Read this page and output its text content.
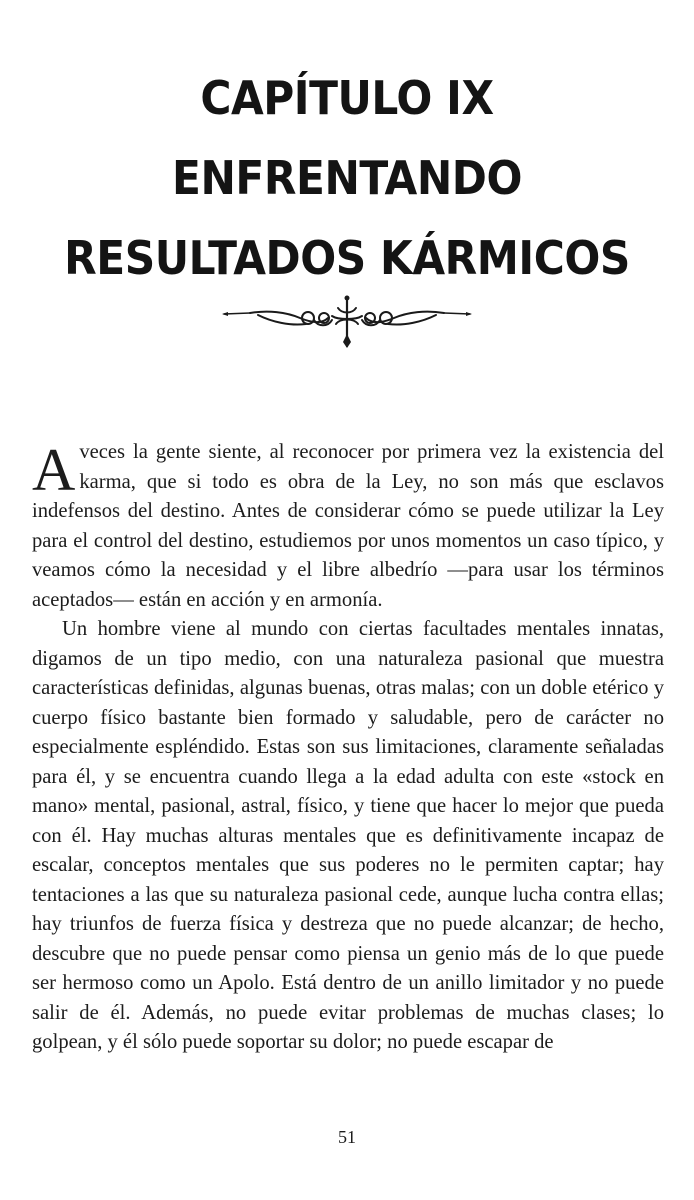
CAPÍTULO IX
ENFRENTANDO
RESULTADOS KÁRMICOS

Aveces la gente siente, al reconocer por primera vez la existencia del karma, que si todo es obra de la Ley, no son más que esclavos indefensos del destino. Antes de considerar cómo se puede utilizar la Ley para el control del destino, estudiemos por unos momentos un caso típico, y veamos cómo la necesidad y el libre albedrío —para usar los términos aceptados— están en acción y en armonía.

Un hombre viene al mundo con ciertas facultades mentales innatas, digamos de un tipo medio, con una naturaleza pasional que muestra características definidas, algunas buenas, otras malas; con un doble etérico y cuerpo físico bastante bien formado y saludable, pero de carácter no especialmente espléndido. Estas son sus limitaciones, claramente señaladas para él, y se encuentra cuando llega a la edad adulta con este «stock en mano» mental, pasional, astral, físico, y tiene que hacer lo mejor que pueda con él. Hay muchas alturas mentales que es definitivamente incapaz de escalar, conceptos mentales que sus poderes no le permiten captar; hay tentaciones a las que su naturaleza pasional cede, aunque lucha contra ellas; hay triunfos de fuerza física y destreza que no puede alcanzar; de hecho, descubre que no puede pensar como piensa un genio más de lo que puede ser hermoso como un Apolo. Está dentro de un anillo limitador y no puede salir de él. Además, no puede evitar problemas de muchas clases; lo golpean, y él sólo puede soportar su dolor; no puede escapar de

51
